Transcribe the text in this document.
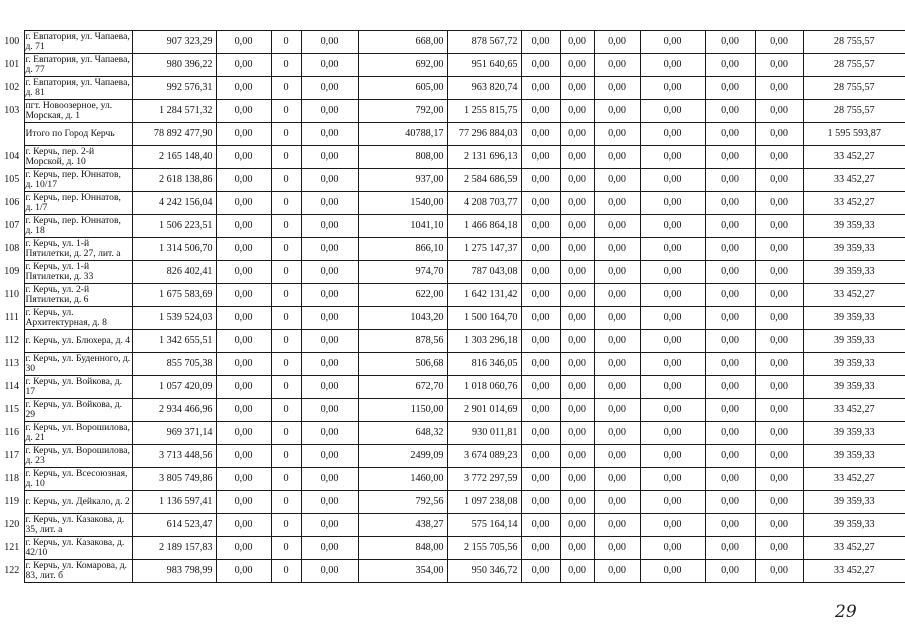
100	г. Евпатория, ул. Чапаева, д. 71	907 323,29	0,00	0	0,00	668,00	878 567,72	0,00	0,00	0,00	0,00	0,00	0,00	28 755,57
101	г. Евпатория, ул. Чапаева, д. 77	980 396,22	0,00	0	0,00	692,00	951 640,65	0,00	0,00	0,00	0,00	0,00	0,00	28 755,57
102	г. Евпатория, ул. Чапаева, д. 81	992 576,31	0,00	0	0,00	605,00	963 820,74	0,00	0,00	0,00	0,00	0,00	0,00	28 755,57
103	пгт. Новоозерное, ул. Морская, д. 1	1 284 571,32	0,00	0	0,00	792,00	1 255 815,75	0,00	0,00	0,00	0,00	0,00	0,00	28 755,57
	Итого по Город Керчь	78 892 477,90	0,00	0	0,00	40788,17	77 296 884,03	0,00	0,00	0,00	0,00	0,00	0,00	1 595 593,87
104	г. Керчь, пер. 2-й Морской, д. 10	2 165 148,40	0,00	0	0,00	808,00	2 131 696,13	0,00	0,00	0,00	0,00	0,00	0,00	33 452,27
105	г. Керчь, пер. Юннатов, д. 10/17	2 618 138,86	0,00	0	0,00	937,00	2 584 686,59	0,00	0,00	0,00	0,00	0,00	0,00	33 452,27
106	г. Керчь, пер. Юннатов, д. 1/7	4 242 156,04	0,00	0	0,00	1540,00	4 208 703,77	0,00	0,00	0,00	0,00	0,00	0,00	33 452,27
107	г. Керчь, пер. Юннатов, д. 18	1 506 223,51	0,00	0	0,00	1041,10	1 466 864,18	0,00	0,00	0,00	0,00	0,00	0,00	39 359,33
108	г. Керчь, ул. 1-й Пятилетки, д. 27, лит. а	1 314 506,70	0,00	0	0,00	866,10	1 275 147,37	0,00	0,00	0,00	0,00	0,00	0,00	39 359,33
109	г. Керчь, ул. 1-й Пятилетки, д. 33	826 402,41	0,00	0	0,00	974,70	787 043,08	0,00	0,00	0,00	0,00	0,00	0,00	39 359,33
110	г. Керчь, ул. 2-й Пятилетки, д. 6	1 675 583,69	0,00	0	0,00	622,00	1 642 131,42	0,00	0,00	0,00	0,00	0,00	0,00	33 452,27
111	г. Керчь, ул. Архитектурная, д. 8	1 539 524,03	0,00	0	0,00	1043,20	1 500 164,70	0,00	0,00	0,00	0,00	0,00	0,00	39 359,33
112	г. Керчь, ул. Блюхера, д. 4	1 342 655,51	0,00	0	0,00	878,56	1 303 296,18	0,00	0,00	0,00	0,00	0,00	0,00	39 359,33
113	г. Керчь, ул. Буденного, д. 30	855 705,38	0,00	0	0,00	506,68	816 346,05	0,00	0,00	0,00	0,00	0,00	0,00	39 359,33
114	г. Керчь, ул. Войкова, д. 17	1 057 420,09	0,00	0	0,00	672,70	1 018 060,76	0,00	0,00	0,00	0,00	0,00	0,00	39 359,33
115	г. Керчь, ул. Войкова, д. 29	2 934 466,96	0,00	0	0,00	1150,00	2 901 014,69	0,00	0,00	0,00	0,00	0,00	0,00	33 452,27
116	г. Керчь, ул. Ворошилова, д. 21	969 371,14	0,00	0	0,00	648,32	930 011,81	0,00	0,00	0,00	0,00	0,00	0,00	39 359,33
117	г. Керчь, ул. Ворошилова, д. 23	3 713 448,56	0,00	0	0,00	2499,09	3 674 089,23	0,00	0,00	0,00	0,00	0,00	0,00	39 359,33
118	г. Керчь, ул. Всесоюзная, д. 10	3 805 749,86	0,00	0	0,00	1460,00	3 772 297,59	0,00	0,00	0,00	0,00	0,00	0,00	33 452,27
119	г. Керчь, ул. Дейкало, д. 2	1 136 597,41	0,00	0	0,00	792,56	1 097 238,08	0,00	0,00	0,00	0,00	0,00	0,00	39 359,33
120	г. Керчь, ул. Казакова, д. 35, лит. а	614 523,47	0,00	0	0,00	438,27	575 164,14	0,00	0,00	0,00	0,00	0,00	0,00	39 359,33
121	г. Керчь, ул. Казакова, д. 42/10	2 189 157,83	0,00	0	0,00	848,00	2 155 705,56	0,00	0,00	0,00	0,00	0,00	0,00	33 452,27
122	г. Керчь, ул. Комарова, д. 83, лит. б	983 798,99	0,00	0	0,00	354,00	950 346,72	0,00	0,00	0,00	0,00	0,00	0,00	33 452,27
29
